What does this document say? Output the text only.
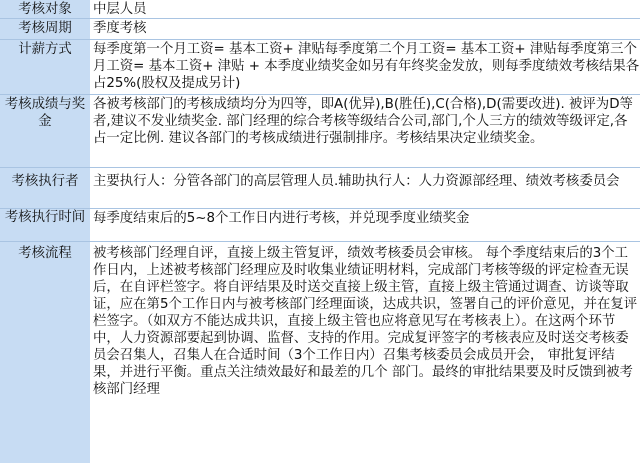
考核对象	中层人员
考核周期	季度考核
计薪方式	每季度第一个月工资= 基本工资+ 津贴每季度第二个月工资= 基本工资+ 津贴每季度第三个月工资= 基本工资+ 津贴 + 本季度业绩奖金如另有年终奖金发放，则每季度绩效考核结果各占25%(股权及提成另计)
考核成绩与奖金	各被考核部门的考核成绩均分为四等，即A(优异),B(胜任),C(合格),D(需要改进). 被评为D等者,建议不发业绩奖金. 部门经理的综合考核等级结合公司,部门,个人三方的绩效等级评定,各占一定比例. 建议各部门的考核成绩进行强制排序。考核结果决定业绩奖金。
考核执行者	主要执行人：分管各部门的高层管理人员.辅助执行人：人力资源部经理、绩效考核委员会
考核执行时间	每季度结束后的5~8个工作日内进行考核，并兑现季度业绩奖金
考核流程	被考核部门经理自评，直接上级主管复评，绩效考核委员会审核。 每个季度结束后的3个工作日内，上述被考核部门经理应及时收集业绩证明材料，完成部门考核等级的评定检查无误后，在自评栏签字。将自评结果及时送交直接上级主管，直接上级主管通过调查、访谈等取证，应在第5个工作日内与被考核部门经理面谈，达成共识，签署自己的评价意见，并在复评栏签字。（如双方不能达成共识，直接上级主管也应将意见写在考核表上）。在这两个环节中，人力资源部要起到协调、监督、支持的作用。完成复评签字的考核表应及时送交考核委员会召集人，召集人在合适时间（3个工作日内）召集考核委员会成员开会， 审批复评结果，并进行平衡。重点关注绩效最好和最差的几个 部门。最终的审批结果要及时反馈到被考核部门经理
